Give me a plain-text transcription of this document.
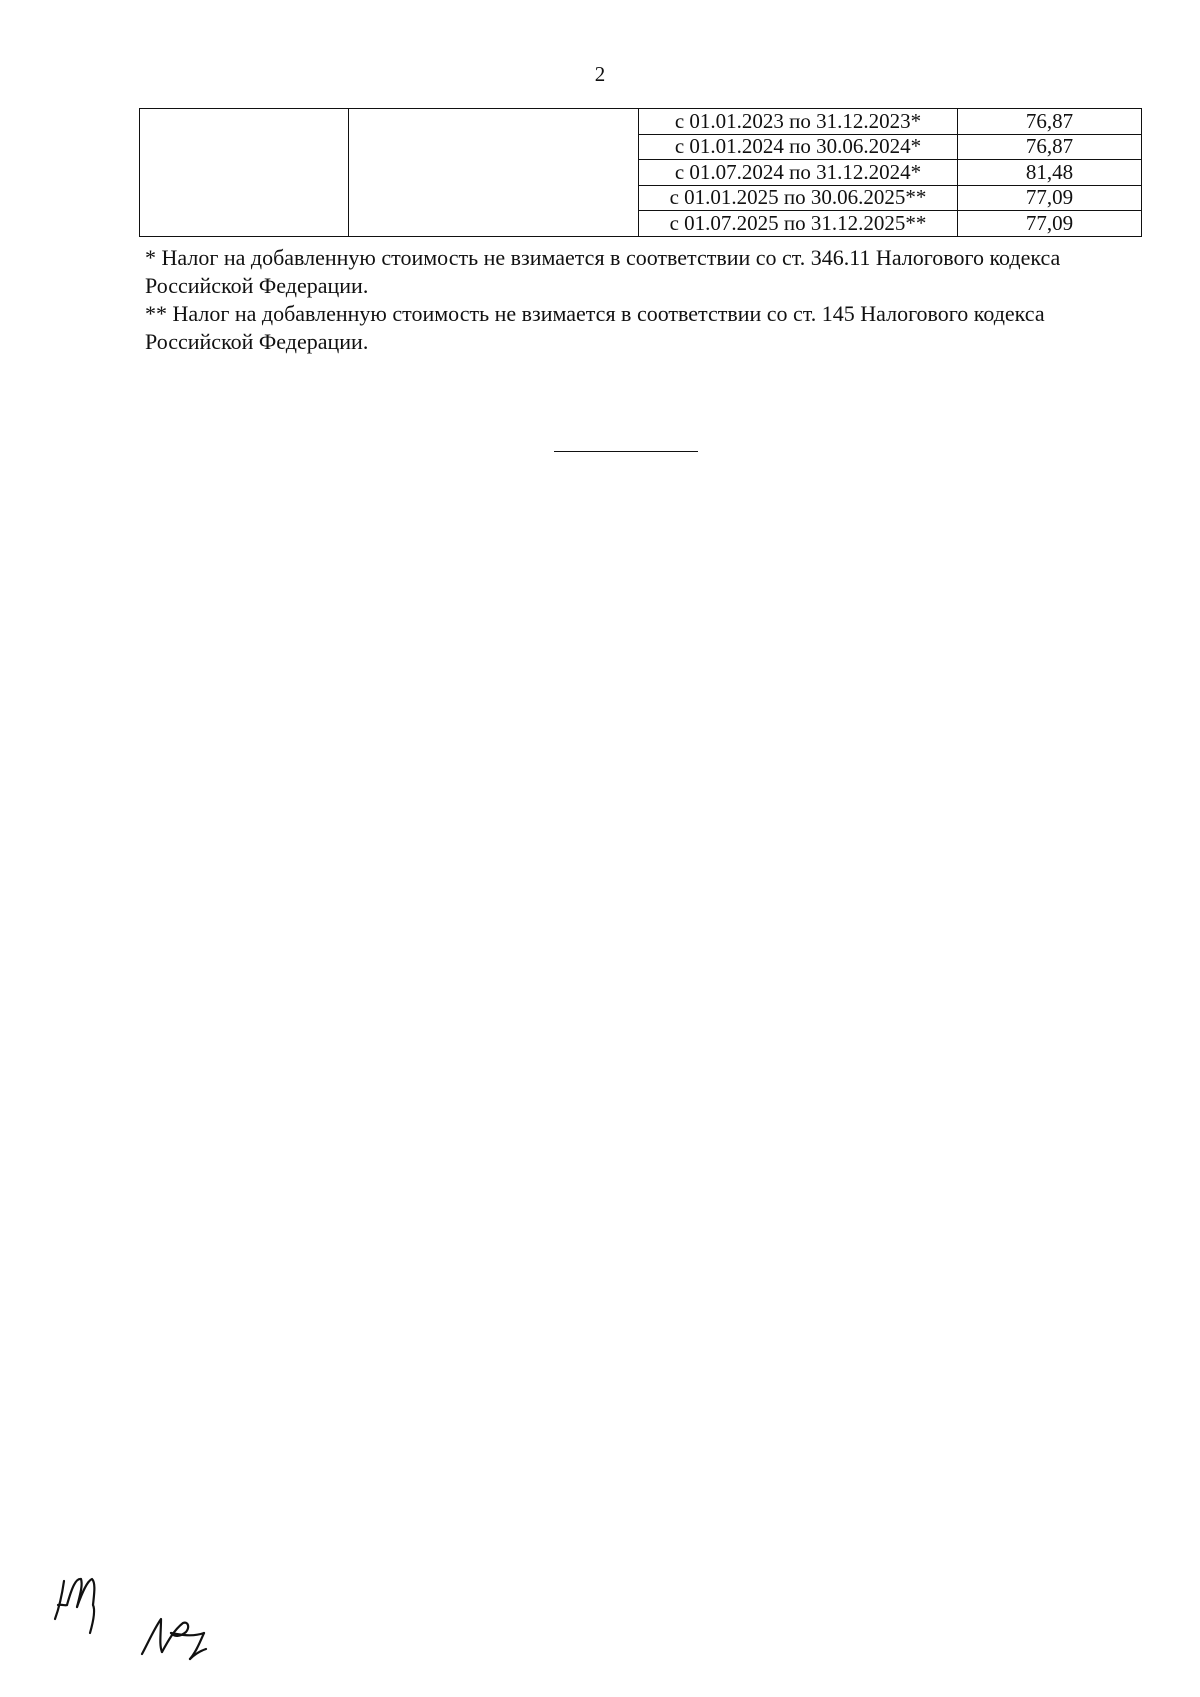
2
		с 01.01.2023 по 31.12.2023*	76,87
		с 01.01.2024 по 30.06.2024*	76,87
		с 01.07.2024 по 31.12.2024*	81,48
		с 01.01.2025 по 30.06.2025**	77,09
		с 01.07.2025 по 31.12.2025**	77,09

* Налог на добавленную стоимость не взимается в соответствии со ст. 346.11 Налогового кодекса Российской Федерации.

** Налог на добавленную стоимость не взимается в соответствии со ст. 145 Налогового кодекса Российской Федерации.
